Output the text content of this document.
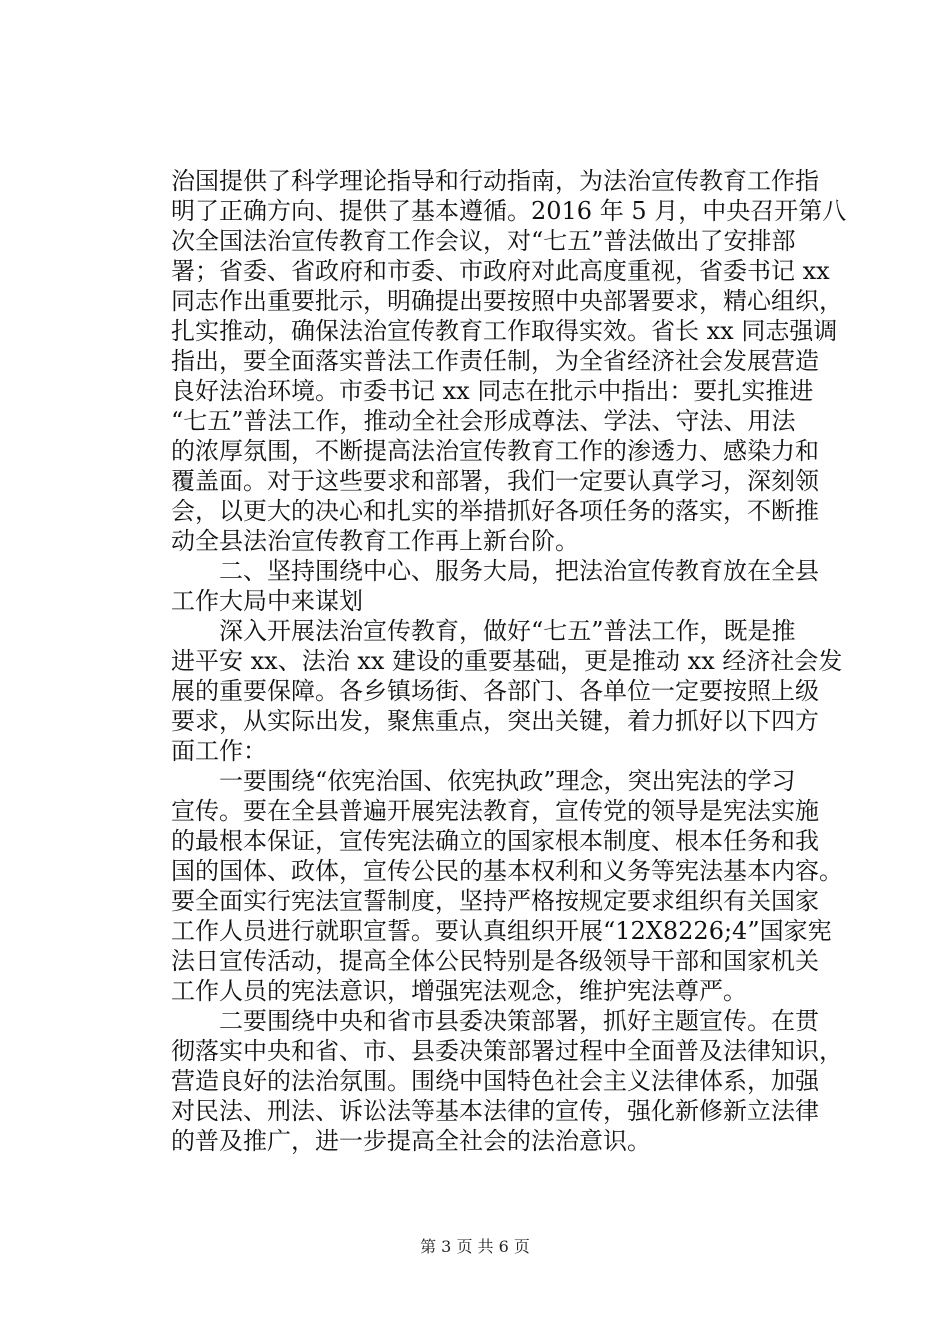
治国提供了科学理论指导和行动指南，为法治宣传教育工作指
明了正确方向、提供了基本遵循。2016 年 5 月，中央召开第八
次全国法治宣传教育工作会议，对“七五”普法做出了安排部
署；省委、省政府和市委、市政府对此高度重视，省委书记 xx
同志作出重要批示，明确提出要按照中央部署要求，精心组织，
扎实推动，确保法治宣传教育工作取得实效。省长 xx 同志强调
指出，要全面落实普法工作责任制，为全省经济社会发展营造
良好法治环境。市委书记 xx 同志在批示中指出：要扎实推进
“七五”普法工作，推动全社会形成尊法、学法、守法、用法
的浓厚氛围，不断提高法治宣传教育工作的渗透力、感染力和
覆盖面。对于这些要求和部署，我们一定要认真学习，深刻领
会，以更大的决心和扎实的举措抓好各项任务的落实，不断推
动全县法治宣传教育工作再上新台阶。
　　二、坚持围绕中心、服务大局，把法治宣传教育放在全县
工作大局中来谋划
　　深入开展法治宣传教育，做好“七五”普法工作，既是推
进平安 xx、法治 xx 建设的重要基础，更是推动 xx 经济社会发
展的重要保障。各乡镇场街、各部门、各单位一定要按照上级
要求，从实际出发，聚焦重点，突出关键，着力抓好以下四方
面工作：
　　一要围绕“依宪治国、依宪执政”理念，突出宪法的学习
宣传。要在全县普遍开展宪法教育，宣传党的领导是宪法实施
的最根本保证，宣传宪法确立的国家根本制度、根本任务和我
国的国体、政体，宣传公民的基本权利和义务等宪法基本内容。
要全面实行宪法宣誓制度，坚持严格按规定要求组织有关国家
工作人员进行就职宣誓。要认真组织开展“12X8226;4”国家宪
法日宣传活动，提高全体公民特别是各级领导干部和国家机关
工作人员的宪法意识，增强宪法观念，维护宪法尊严。
　　二要围绕中央和省市县委决策部署，抓好主题宣传。在贯
彻落实中央和省、市、县委决策部署过程中全面普及法律知识，
营造良好的法治氛围。围绕中国特色社会主义法律体系，加强
对民法、刑法、诉讼法等基本法律的宣传，强化新修新立法律
的普及推广，进一步提高全社会的法治意识。
第 3 页 共 6 页
